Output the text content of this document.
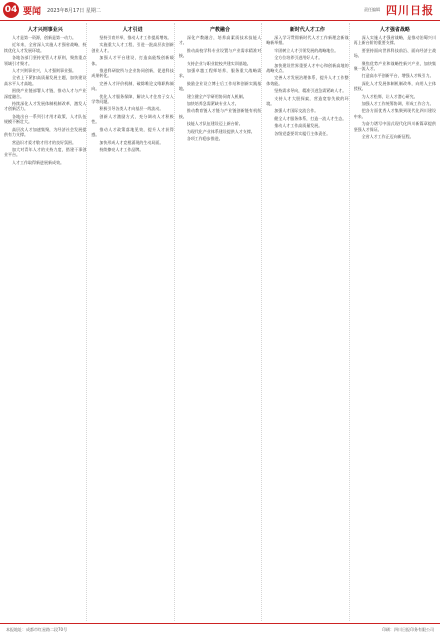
04 要闻 2023年8月17日 星期二	责任编辑 四川日报
人才兴则事业兴

人才是第一资源，创新是第一动力。

近年来，全省深入实施人才强省战略，持续优化人才发展环境。

各地各部门坚持党管人才原则，聚焦重点领域引才聚才。

人才兴则事业兴，人才强则事业强。

全省上下紧扣高质量发展主题，加快建设高水平人才高地。

围绕产业链部署人才链，推动人才与产业深度融合。

持续深化人才发展体制机制改革，激发人才创新活力。

各地出台一系列引才用才政策，人才队伍规模不断壮大。

高层次人才加速集聚，为经济社会发展提供有力支撑。

营造识才爱才敬才用才的良好氛围。

加大对青年人才的支持力度，搭建干事创业平台。

人才工作取得新进展新成效。

人才引进

坚持引育并举，推动人才工作提质增效。

实施重大人才工程，引进一批高层次创新创业人才。

加强人才平台建设，打造高能级创新载体。

推进科研院所与企业协同创新，促进科技成果转化。

完善人才评价机制，破除唯论文唯职称倾向。

优化人才服务保障，解决人才住房子女入学等问题。

积极引导各类人才向基层一线流动。

创新人才激励方式，充分调动人才积极性。

推动人才政策落地见效，提升人才获得感。

加快形成人才竞相涌现的生动局面。

持续擦亮人才工作品牌。

产教融合

深化产教融合，培养高素质技术技能人才。

推动高校学科专业设置与产业需求精准对接。

支持企业与职业院校共建实训基地。

加强卓越工程师培养，服务重大战略需求。

鼓励企业设立博士后工作站和创新实践基地。

建立健全产学研用协同育人机制。

加快培养急需紧缺专业人才。

推动教育链人才链与产业链创新链有机衔接。

技能人才队伍建设迈上新台阶。

为现代化产业体系建设提供人才支撑。

各项工作稳步推进。

新时代人才工作

深入学习贯彻新时代人才工作新理念新战略新举措。

牢固树立人才引领发展的战略地位。

全方位培养引进用好人才。

加快建设世界重要人才中心和创新高地的战略支点。

完善人才发展治理体系，提升人才工作整体效能。

坚持需求导向，精准引进急需紧缺人才。

支持人才大胆探索，营造宽容失败的环境。

加强人才国际交流合作。

健全人才服务体系，打造一流人才生态。

推动人才工作高质量发展。

各级党委要切实履行主体责任。

人才强省战略

深入实施人才强省战略，是推动治蜀兴川再上新台阶的重要支撑。

要坚持面向世界科技前沿、面向经济主战场。

聚焦优势产业和战略性新兴产业，加快集聚一流人才。

打造高水平创新平台，增强人才吸引力。

深化人才发展体制机制改革，向用人主体授权。

为人才松绑，让人才潜心研究。

加强人才工作统筹协调，形成工作合力。

把各方面优秀人才集聚到现代化四川建设中来。

为奋力谱写中国式现代化四川新篇章提供坚强人才保证。

全省人才工作正迈向新征程。

本报地址：成都市红星路二段70号	印刷：四川日报印务有限公司
